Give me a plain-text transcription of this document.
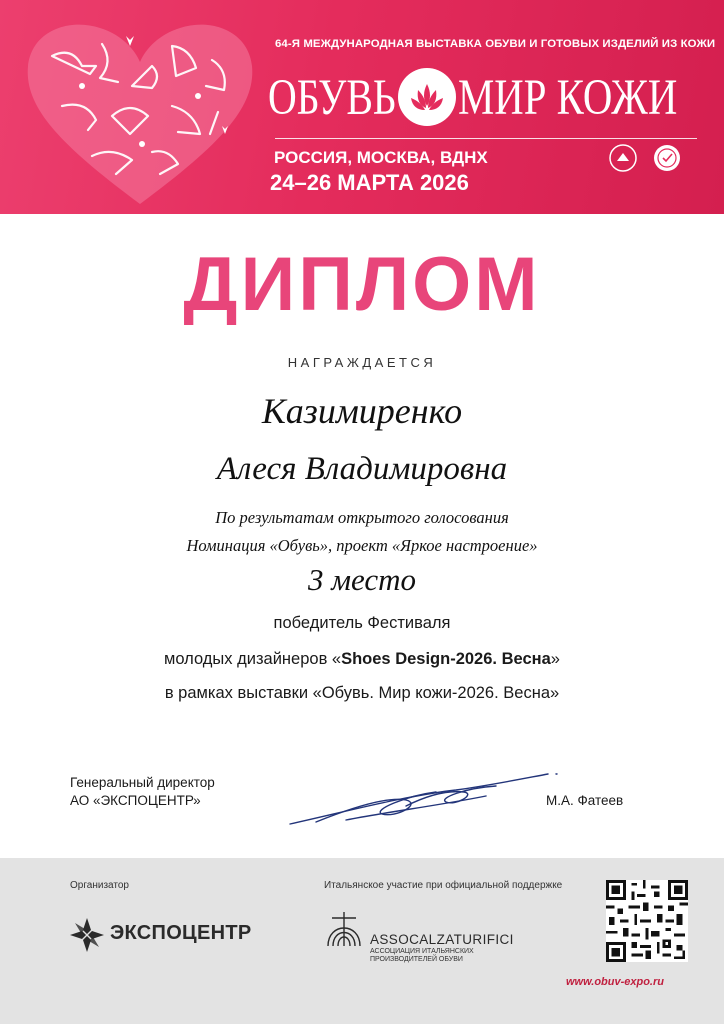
64-Я МЕЖДУНАРОДНАЯ ВЫСТАВКА ОБУВИ И ГОТОВЫХ ИЗДЕЛИЙ ИЗ КОЖИ
ОБУВЬ МИР КОЖИ
РОССИЯ, МОСКВА, ВДНХ
24–26 МАРТА 2026
ДИПЛОМ
НАГРАЖДАЕТСЯ
Казимиренко
Алеся Владимировна
По результатам открытого голосования
Номинация «Обувь», проект «Яркое настроение»
3 место
победитель Фестиваля
молодых дизайнеров «Shoes Design-2026. Весна»
в рамках выставки «Обувь. Мир кожи-2026. Весна»
Генеральный директор
АО «ЭКСПОЦЕНТР»	М.А. Фатеев
Организатор
ЭКСПОЦЕНТР
Итальянское участие при официальной поддержке
ASSOCALZATURIFICI
АССОЦИАЦИЯ ИТАЛЬЯНСКИХ ПРОИЗВОДИТЕЛЕЙ ОБУВИ
www.obuv-expo.ru
